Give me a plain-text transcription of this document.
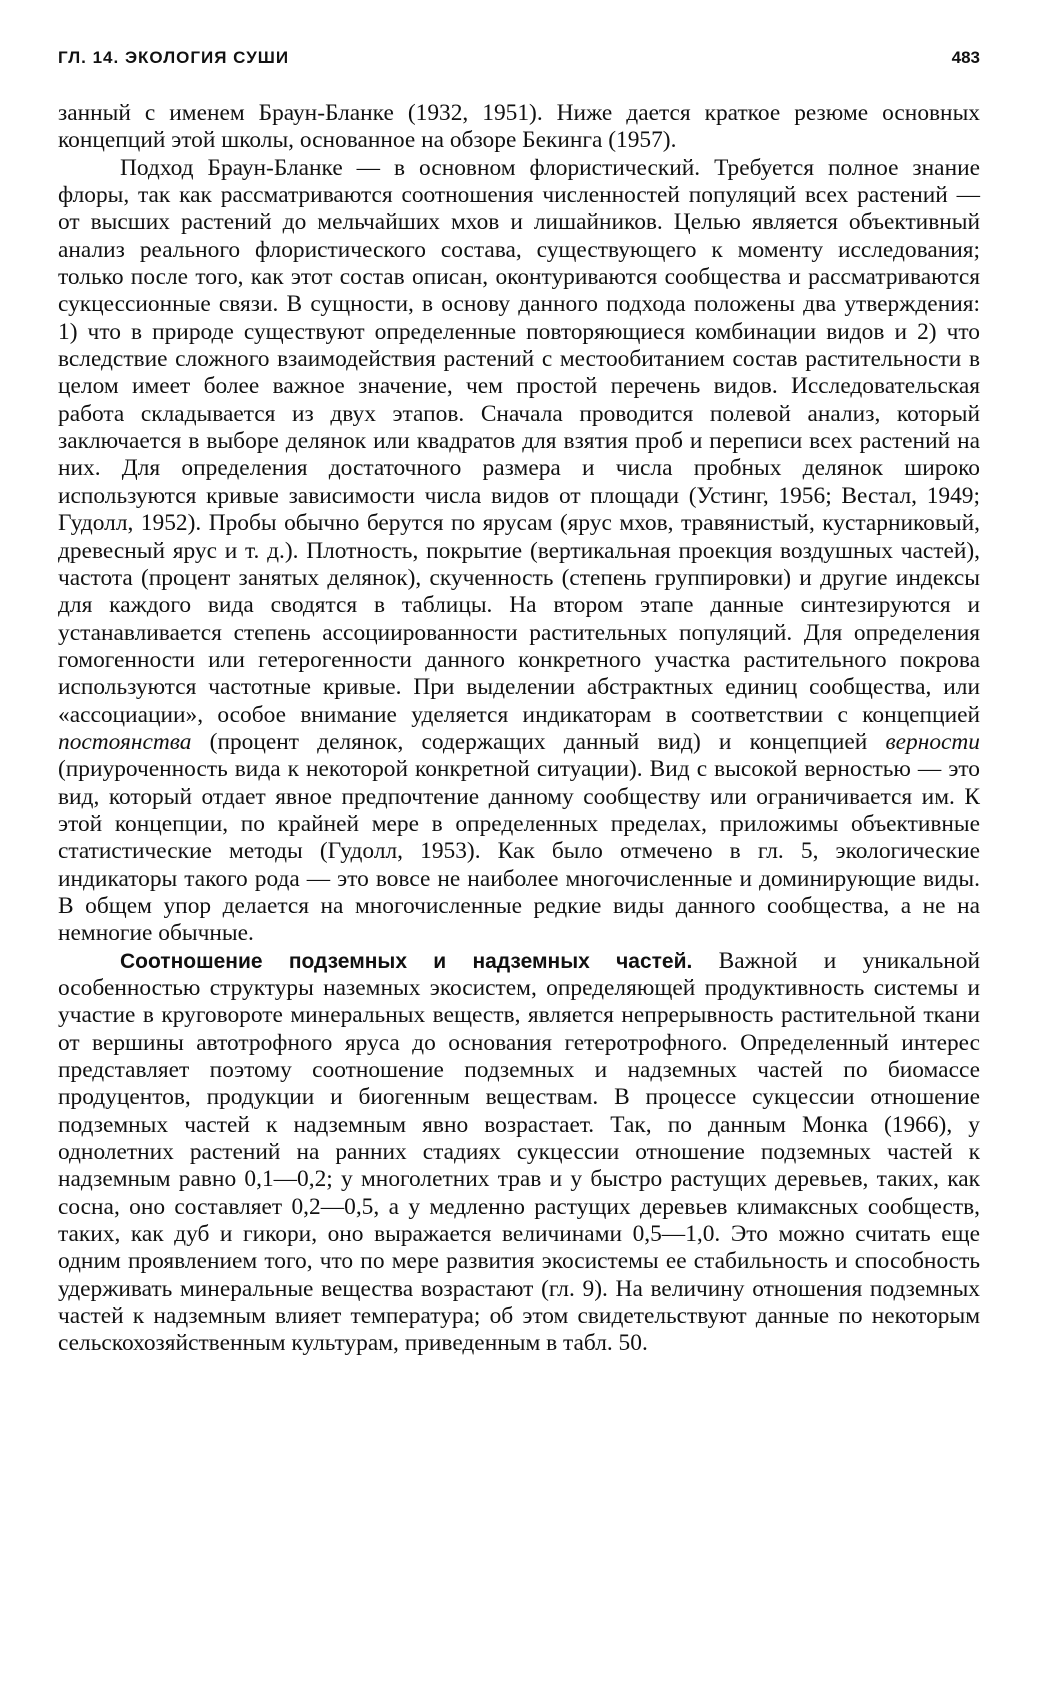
ГЛ. 14. ЭКОЛОГИЯ СУШИ	483

занный с именем Браун-Бланке (1932, 1951). Ниже дается краткое резюме основных концепций этой школы, основанное на обзоре Бекинга (1957).

Подход Браун-Бланке — в основном флористический. Требуется полное знание флоры, так как рассматриваются соотношения численностей популяций всех растений — от высших растений до мельчайших мхов и лишайников. Целью является объективный анализ реального флористического состава, существующего к моменту исследования; только после того, как этот состав описан, оконтуриваются сообщества и рассматриваются сукцессионные связи. В сущности, в основу данного подхода положены два утверждения: 1) что в природе существуют определенные повторяющиеся комбинации видов и 2) что вследствие сложного взаимодействия растений с местообитанием состав растительности в целом имеет более важное значение, чем простой перечень видов. Исследовательская работа складывается из двух этапов. Сначала проводится полевой анализ, который заключается в выборе делянок или квадратов для взятия проб и переписи всех растений на них. Для определения достаточного размера и числа пробных делянок широко используются кривые зависимости числа видов от площади (Устинг, 1956; Вестал, 1949; Гудолл, 1952). Пробы обычно берутся по ярусам (ярус мхов, травянистый, кустарниковый, древесный ярус и т. д.). Плотность, покрытие (вертикальная проекция воздушных частей), частота (процент занятых делянок), скученность (степень группировки) и другие индексы для каждого вида сводятся в таблицы. На втором этапе данные синтезируются и устанавливается степень ассоциированности растительных популяций. Для определения гомогенности или гетерогенности данного конкретного участка растительного покрова используются частотные кривые. При выделении абстрактных единиц сообщества, или «ассоциации», особое внимание уделяется индикаторам в соответствии с концепцией постоянства (процент делянок, содержащих данный вид) и концепцией верности (приуроченность вида к некоторой конкретной ситуации). Вид с высокой верностью — это вид, который отдает явное предпочтение данному сообществу или ограничивается им. К этой концепции, по крайней мере в определенных пределах, приложимы объективные статистические методы (Гудолл, 1953). Как было отмечено в гл. 5, экологические индикаторы такого рода — это вовсе не наиболее многочисленные и доминирующие виды. В общем упор делается на многочисленные редкие виды данного сообщества, а не на немногие обычные.

Соотношение подземных и надземных частей. Важной и уникальной особенностью структуры наземных экосистем, определяющей продуктивность системы и участие в круговороте минеральных веществ, является непрерывность растительной ткани от вершины автотрофного яруса до основания гетеротрофного. Определенный интерес представляет поэтому соотношение подземных и надземных частей по биомассе продуцентов, продукции и биогенным веществам. В процессе сукцессии отношение подземных частей к надземным явно возрастает. Так, по данным Монка (1966), у однолетних растений на ранних стадиях сукцессии отношение подземных частей к надземным равно 0,1—0,2; у многолетних трав и у быстро растущих деревьев, таких, как сосна, оно составляет 0,2—0,5, а у медленно растущих деревьев климаксных сообществ, таких, как дуб и гикори, оно выражается величинами 0,5—1,0. Это можно считать еще одним проявлением того, что по мере развития экосистемы ее стабильность и способность удерживать минеральные вещества возрастают (гл. 9). На величину отношения подземных частей к надземным влияет температура; об этом свидетельствуют данные по некоторым сельскохозяйственным культурам, приведенным в табл. 50.
